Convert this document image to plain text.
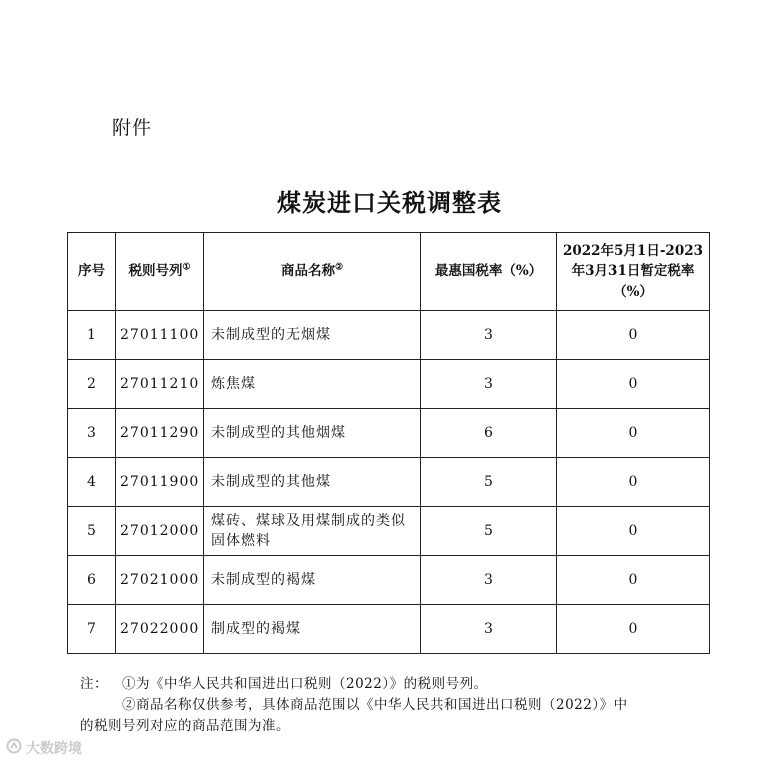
附件
煤炭进口关税调整表
序号	税则号列①	商品名称②	最惠国税率（%）	2022年5月1日-2023
年3月31日暂定税率
（%）

1	27011100	未制成型的无烟煤	3	0
2	27011210	炼焦煤	3	0
3	27011290	未制成型的其他烟煤	6	0
4	27011900	未制成型的其他煤	5	0
5	27012000	煤砖、煤球及用煤制成的类似固体燃料	5	0
6	27021000	未制成型的褐煤	3	0
7	27022000	制成型的褐煤	3	0
注：	①为《中华人民共和国进出口税则（2022）》的税则号列。
②商品名称仅供参考，具体商品范围以《中华人民共和国进出口税则（2022）》中
的税则号列对应的商品范围为准。
大数跨境
